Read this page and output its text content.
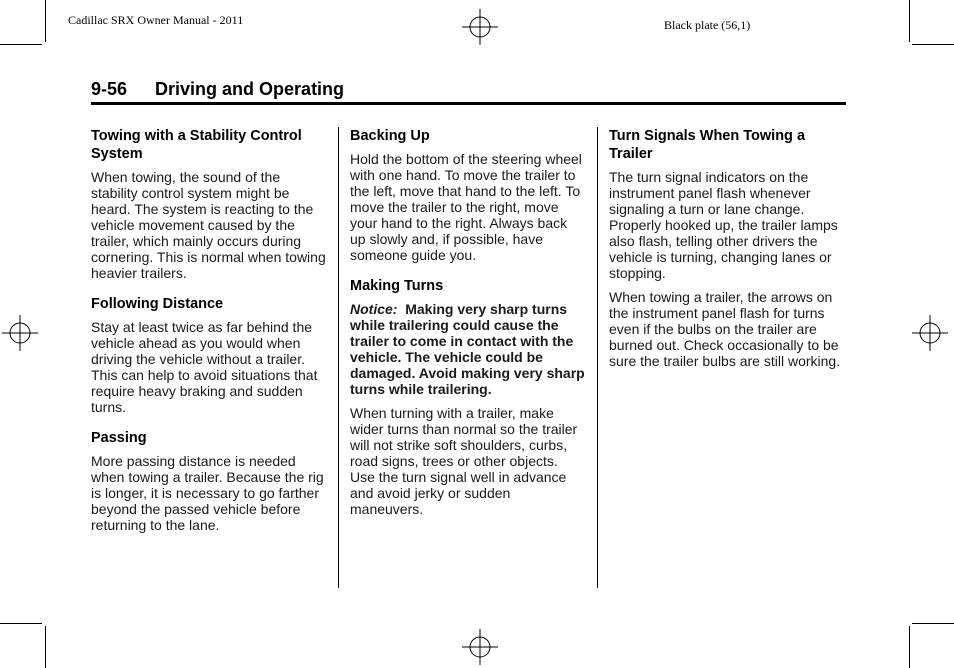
Cadillac SRX Owner Manual - 2011	Black plate (56,1)
9-56 Driving and Operating
Towing with a Stability Control System

When towing, the sound of the stability control system might be heard. The system is reacting to the vehicle movement caused by the trailer, which mainly occurs during cornering. This is normal when towing heavier trailers.

Following Distance

Stay at least twice as far behind the vehicle ahead as you would when driving the vehicle without a trailer. This can help to avoid situations that require heavy braking and sudden turns.

Passing

More passing distance is needed when towing a trailer. Because the rig is longer, it is necessary to go farther beyond the passed vehicle before returning to the lane.

Backing Up

Hold the bottom of the steering wheel with one hand. To move the trailer to the left, move that hand to the left. To move the trailer to the right, move your hand to the right. Always back up slowly and, if possible, have someone guide you.

Making Turns

Notice: Making very sharp turns while trailering could cause the trailer to come in contact with the vehicle. The vehicle could be damaged. Avoid making very sharp turns while trailering.

When turning with a trailer, make wider turns than normal so the trailer will not strike soft shoulders, curbs, road signs, trees or other objects. Use the turn signal well in advance and avoid jerky or sudden maneuvers.

Turn Signals When Towing a Trailer

The turn signal indicators on the instrument panel flash whenever signaling a turn or lane change. Properly hooked up, the trailer lamps also flash, telling other drivers the vehicle is turning, changing lanes or stopping.

When towing a trailer, the arrows on the instrument panel flash for turns even if the bulbs on the trailer are burned out. Check occasionally to be sure the trailer bulbs are still working.
